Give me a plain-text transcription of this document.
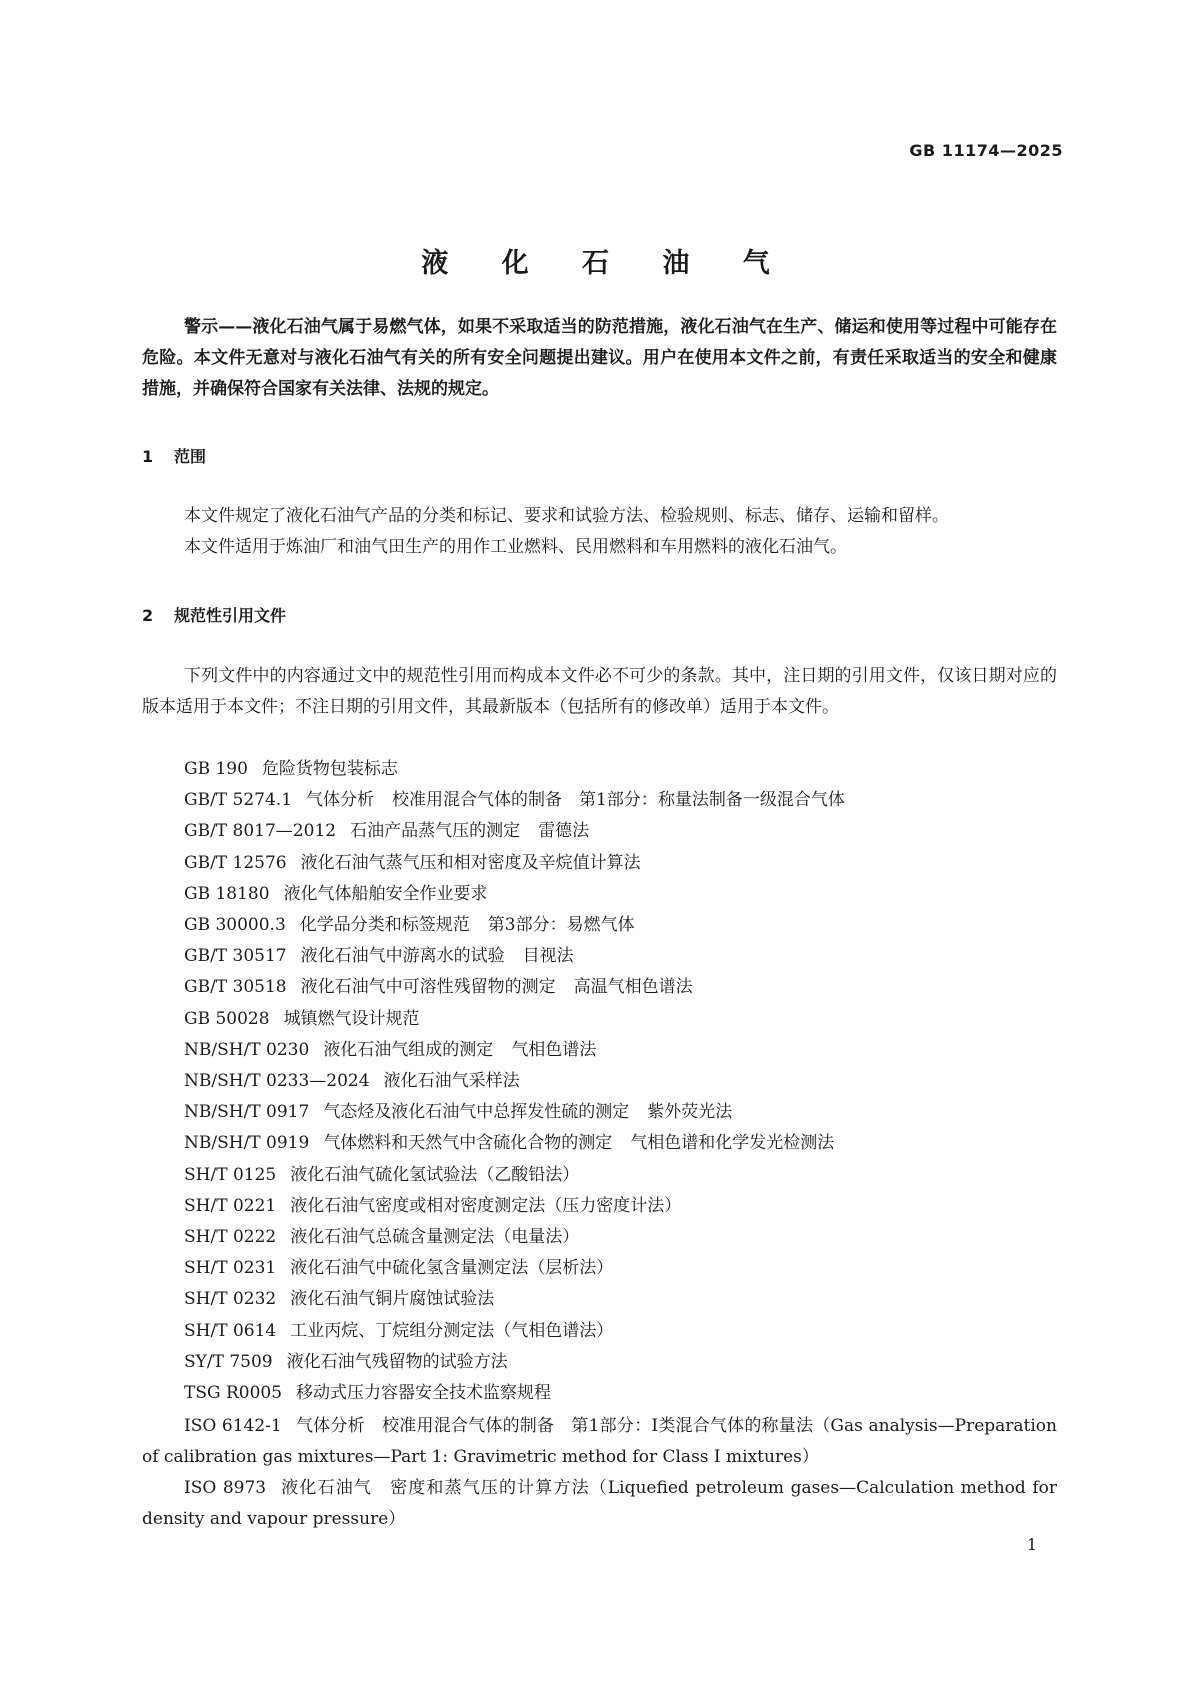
GB 11174—2025
液 化 石 油 气

警示——液化石油气属于易燃气体，如果不采取适当的防范措施，液化石油气在生产、储运和使用等过程中可能存在危险。本文件无意对与液化石油气有关的所有安全问题提出建议。用户在使用本文件之前，有责任采取适当的安全和健康措施，并确保符合国家有关法律、法规的规定。

1 范围

本文件规定了液化石油气产品的分类和标记、要求和试验方法、检验规则、标志、储存、运输和留样。

本文件适用于炼油厂和油气田生产的用作工业燃料、民用燃料和车用燃料的液化石油气。

2 规范性引用文件

下列文件中的内容通过文中的规范性引用而构成本文件必不可少的条款。其中，注日期的引用文件，仅该日期对应的版本适用于本文件；不注日期的引用文件，其最新版本（包括所有的修改单）适用于本文件。

GB 190 危险货物包装标志
GB/T 5274.1 气体分析 校准用混合气体的制备　第1部分：称量法制备一级混合气体
GB/T 8017—2012 石油产品蒸气压的测定 雷德法
GB/T 12576 液化石油气蒸气压和相对密度及辛烷值计算法
GB 18180 液化气体船舶安全作业要求
GB 30000.3 化学品分类和标签规范 第3部分：易燃气体
GB/T 30517 液化石油气中游离水的试验 目视法
GB/T 30518 液化石油气中可溶性残留物的测定 高温气相色谱法
GB 50028 城镇燃气设计规范
NB/SH/T 0230 液化石油气组成的测定 气相色谱法
NB/SH/T 0233—2024 液化石油气采样法
NB/SH/T 0917 气态烃及液化石油气中总挥发性硫的测定 紫外荧光法
NB/SH/T 0919 气体燃料和天然气中含硫化合物的测定 气相色谱和化学发光检测法
SH/T 0125 液化石油气硫化氢试验法（乙酸铅法）
SH/T 0221 液化石油气密度或相对密度测定法（压力密度计法）
SH/T 0222 液化石油气总硫含量测定法（电量法）
SH/T 0231 液化石油气中硫化氢含量测定法（层析法）
SH/T 0232 液化石油气铜片腐蚀试验法
SH/T 0614 工业丙烷、丁烷组分测定法（气相色谱法）
SY/T 7509 液化石油气残留物的试验方法
TSG R0005 移动式压力容器安全技术监察规程

ISO 6142-1 气体分析　校准用混合气体的制备　第1部分：I类混合气体的称量法（Gas analysis—Preparation of calibration gas mixtures—Part 1: Gravimetric method for Class I mixtures）

ISO 8973 液化石油气　密度和蒸气压的计算方法（Liquefied petroleum gases—Calculation method for density and vapour pressure）

1
